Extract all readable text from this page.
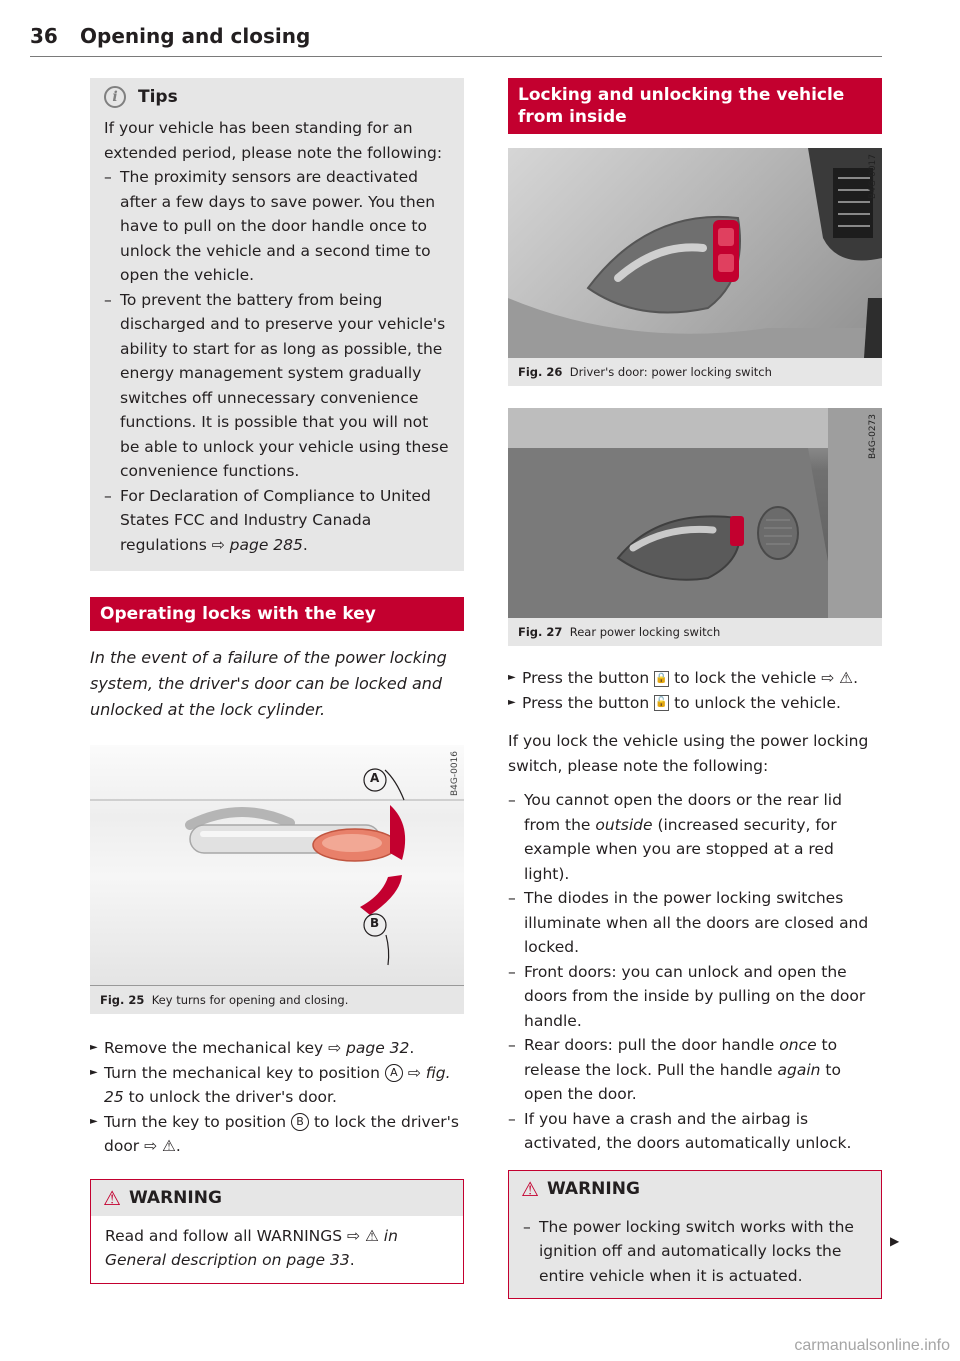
36 Opening and closing
i	Tips

If your vehicle has been standing for an extended period, please note the following:

– The proximity sensors are deactivated after a few days to save power. You then have to pull on the door handle once to unlock the vehicle and a second time to open the vehicle.
– To prevent the battery from being discharged and to preserve your vehicle's ability to start for as long as possible, the energy management system gradually switches off unnecessary convenience functions. It is possible that you will not be able to unlock your vehicle using these convenience functions.
– For Declaration of Compliance to United States FCC and Industry Canada regulations ⇨ page 285.
Operating locks with the key

In the event of a failure of the power locking system, the driver's door can be locked and unlocked at the lock cylinder.

A
B
B4G-0016
Fig. 25 Key turns for opening and closing.
► Remove the mechanical key ⇨ page 32.
► Turn the mechanical key to position A ⇨ fig. 25 to unlock the driver's door.
► Turn the key to position B to lock the driver's door ⇨ ⚠.
⚠ WARNING

Read and follow all WARNINGS ⇨ ⚠ in General description on page 33.

Locking and unlocking the vehicle from inside
B4G-0017
Fig. 26 Driver's door: power locking switch
B4G-0273
Fig. 27 Rear power locking switch
► Press the button 🔒 to lock the vehicle ⇨ ⚠.
► Press the button 🔓 to unlock the vehicle.

If you lock the vehicle using the power locking switch, please note the following:

– You cannot open the doors or the rear lid from the outside (increased security, for example when you are stopped at a red light).
– The diodes in the power locking switches illuminate when all the doors are closed and locked.
– Front doors: you can unlock and open the doors from the inside by pulling on the door handle.
– Rear doors: pull the door handle once to release the lock. Pull the handle again to open the door.
– If you have a crash and the airbag is activated, the doors automatically unlock.
⚠ WARNING
– The power locking switch works with the ignition off and automatically locks the entire vehicle when it is actuated.
▶
carmanualsonline.info
